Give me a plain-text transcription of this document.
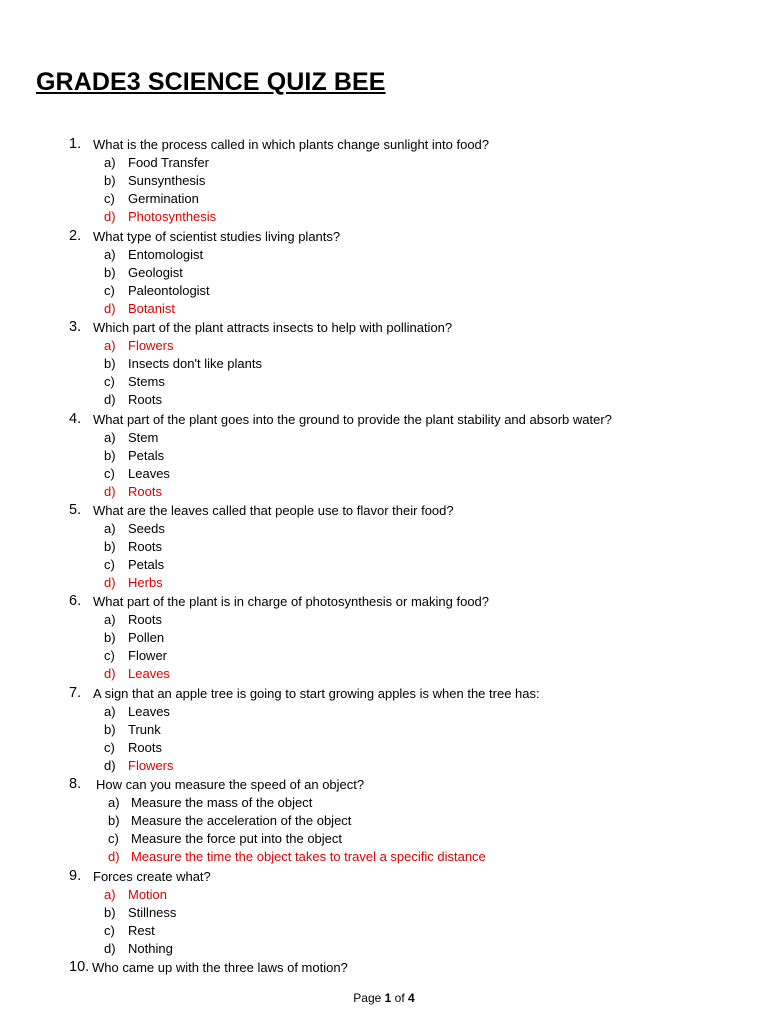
GRADE3 SCIENCE QUIZ BEE
1. What is the process called in which plants change sunlight into food?
a) Food Transfer
b) Sunsynthesis
c) Germination
d) Photosynthesis
2. What type of scientist studies living plants?
a) Entomologist
b) Geologist
c) Paleontologist
d) Botanist
3. Which part of the plant attracts insects to help with pollination?
a) Flowers
b) Insects don't like plants
c) Stems
d) Roots
4. What part of the plant goes into the ground to provide the plant stability and absorb water?
a) Stem
b) Petals
c) Leaves
d) Roots
5. What are the leaves called that people use to flavor their food?
a) Seeds
b) Roots
c) Petals
d) Herbs
6. What part of the plant is in charge of photosynthesis or making food?
a) Roots
b) Pollen
c) Flower
d) Leaves
7. A sign that an apple tree is going to start growing apples is when the tree has:
a) Leaves
b) Trunk
c) Roots
d) Flowers
8. How can you measure the speed of an object?
a) Measure the mass of the object
b) Measure the acceleration of the object
c) Measure the force put into the object
d) Measure the time the object takes to travel a specific distance
9. Forces create what?
a) Motion
b) Stillness
c) Rest
d) Nothing
10. Who came up with the three laws of motion?
Page 1 of 4
